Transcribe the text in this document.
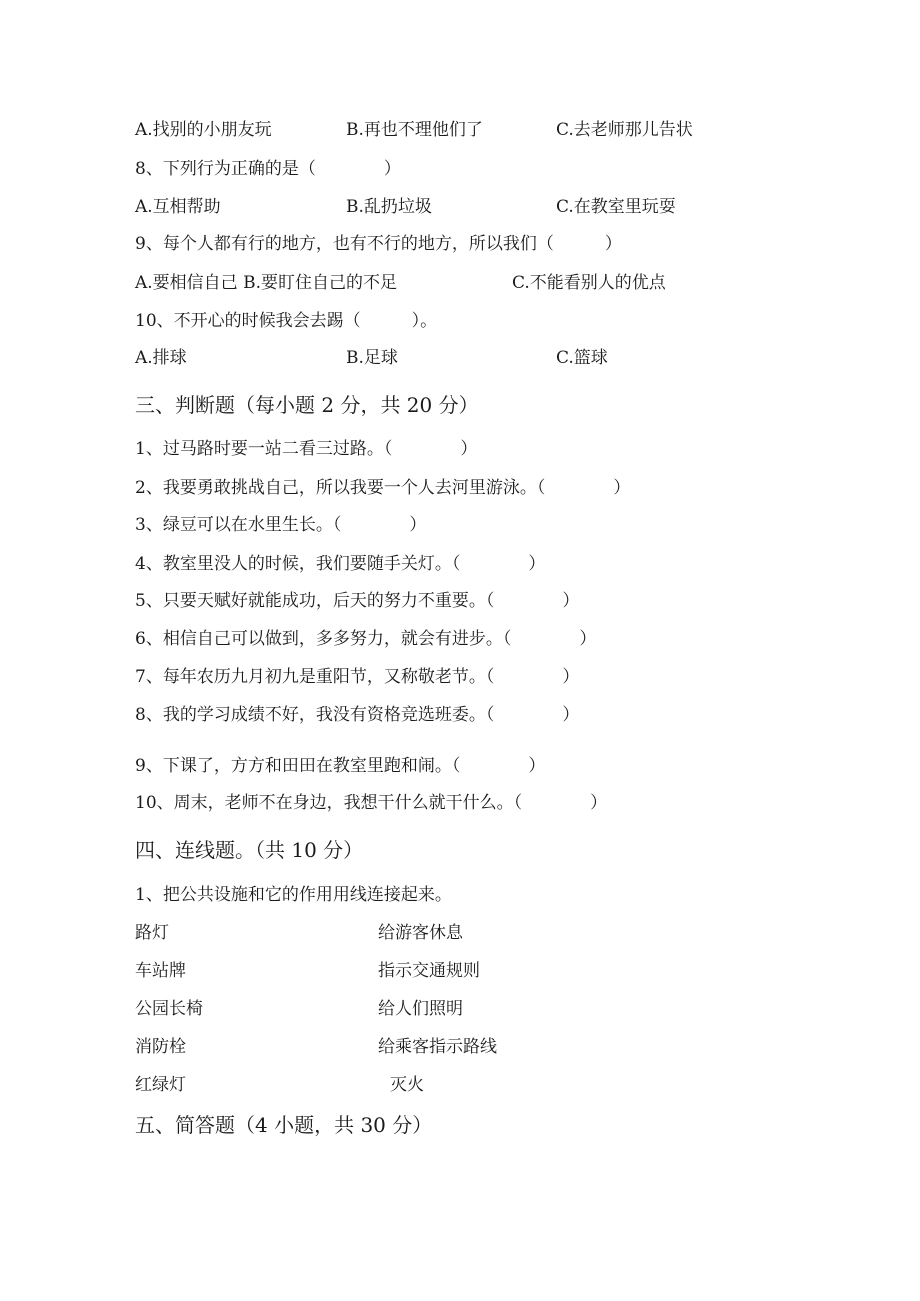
A.找别的小朋友玩	B.再也不理他们了	C.去老师那儿告状
8、下列行为正确的是（　　　　）
A.互相帮助	B.乱扔垃圾	C.在教室里玩耍
9、每个人都有行的地方，也有不行的地方，所以我们（　　　）
A.要相信自己 B.要盯住自己的不足	C.不能看别人的优点
10、不开心的时候我会去踢（　　　）。
A.排球	B.足球	C.篮球
三、判断题（每小题 2 分，共 20 分）
1、过马路时要一站二看三过路。（　　　　）
2、我要勇敢挑战自己，所以我要一个人去河里游泳。（　　　　）
3、绿豆可以在水里生长。（　　　　）
4、教室里没人的时候，我们要随手关灯。（　　　　）
5、只要天赋好就能成功，后天的努力不重要。（　　　　）
6、相信自己可以做到，多多努力，就会有进步。（　　　　）
7、每年农历九月初九是重阳节，又称敬老节。（　　　　）
8、我的学习成绩不好，我没有资格竞选班委。（　　　　）
9、下课了，方方和田田在教室里跑和闹。（　　　　）
10、周末，老师不在身边，我想干什么就干什么。（　　　　）
四、连线题。（共 10 分）
1、把公共设施和它的作用用线连接起来。
路灯	给游客休息
车站牌	指示交通规则
公园长椅	给人们照明
消防栓	给乘客指示路线
红绿灯	灭火
五、简答题（4 小题，共 30 分）
